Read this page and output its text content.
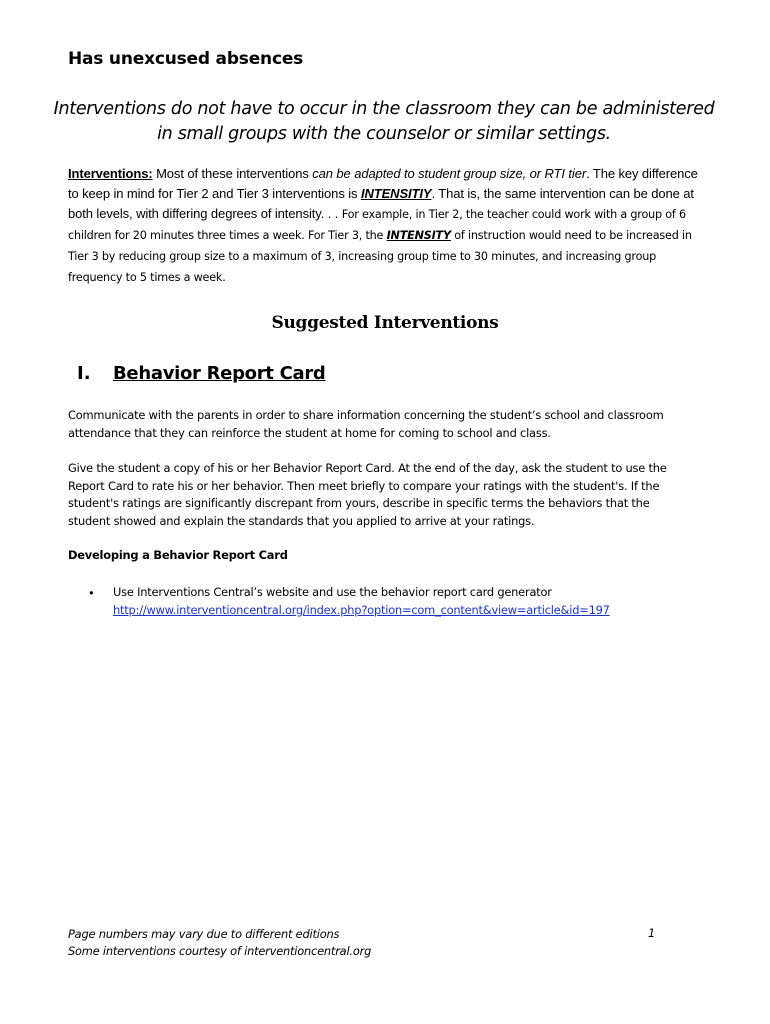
Has unexcused absences
Interventions do not have to occur in the classroom they can be administered
in small groups with the counselor or similar settings.
Interventions: Most of these interventions can be adapted to student group size, or RTI tier. The key difference to keep in mind for Tier 2 and Tier 3 interventions is INTENSITIY. That is, the same intervention can be done at both levels, with differing degrees of intensity. . . For example, in Tier 2, the teacher could work with a group of 6 children for 20 minutes three times a week. For Tier 3, the INTENSITY of instruction would need to be increased in Tier 3 by reducing group size to a maximum of 3, increasing group time to 30 minutes, and increasing group frequency to 5 times a week.
Suggested Interventions
I. Behavior Report Card
Communicate with the parents in order to share information concerning the student’s school and classroom attendance that they can reinforce the student at home for coming to school and class.
Give the student a copy of his or her Behavior Report Card. At the end of the day, ask the student to use the Report Card to rate his or her behavior. Then meet briefly to compare your ratings with the student's. If the student's ratings are significantly discrepant from yours, describe in specific terms the behaviors that the student showed and explain the standards that you applied to arrive at your ratings.
Developing a Behavior Report Card
• Use Interventions Central’s website and use the behavior report card generator
http://www.interventioncentral.org/index.php?option=com_content&view=article&id=197
Page numbers may vary due to different editions
Some interventions courtesy of interventioncentral.org
1
